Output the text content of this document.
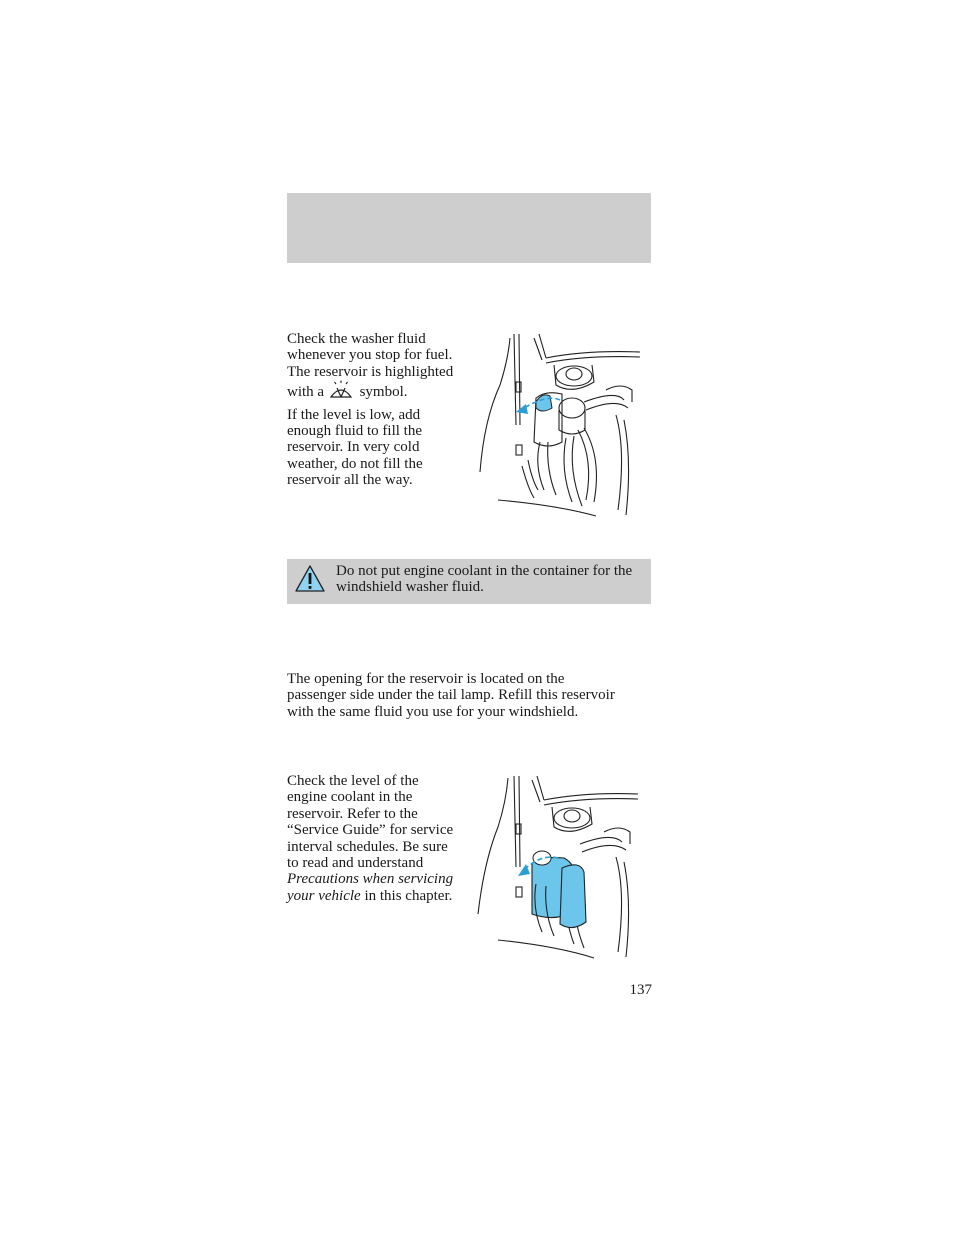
Check the washer fluid whenever you stop for fuel. The reservoir is highlighted with a symbol.

If the level is low, add enough fluid to fill the reservoir. In very cold weather, do not fill the reservoir all the way.

Do not put engine coolant in the container for the windshield washer fluid.
The opening for the reservoir is located on the passenger side under the tail lamp. Refill this reservoir with the same fluid you use for your windshield.

Check the level of the engine coolant in the reservoir. Refer to the “Service Guide” for service interval schedules. Be sure to read and understand Precautions when servicing your vehicle in this chapter.

137
